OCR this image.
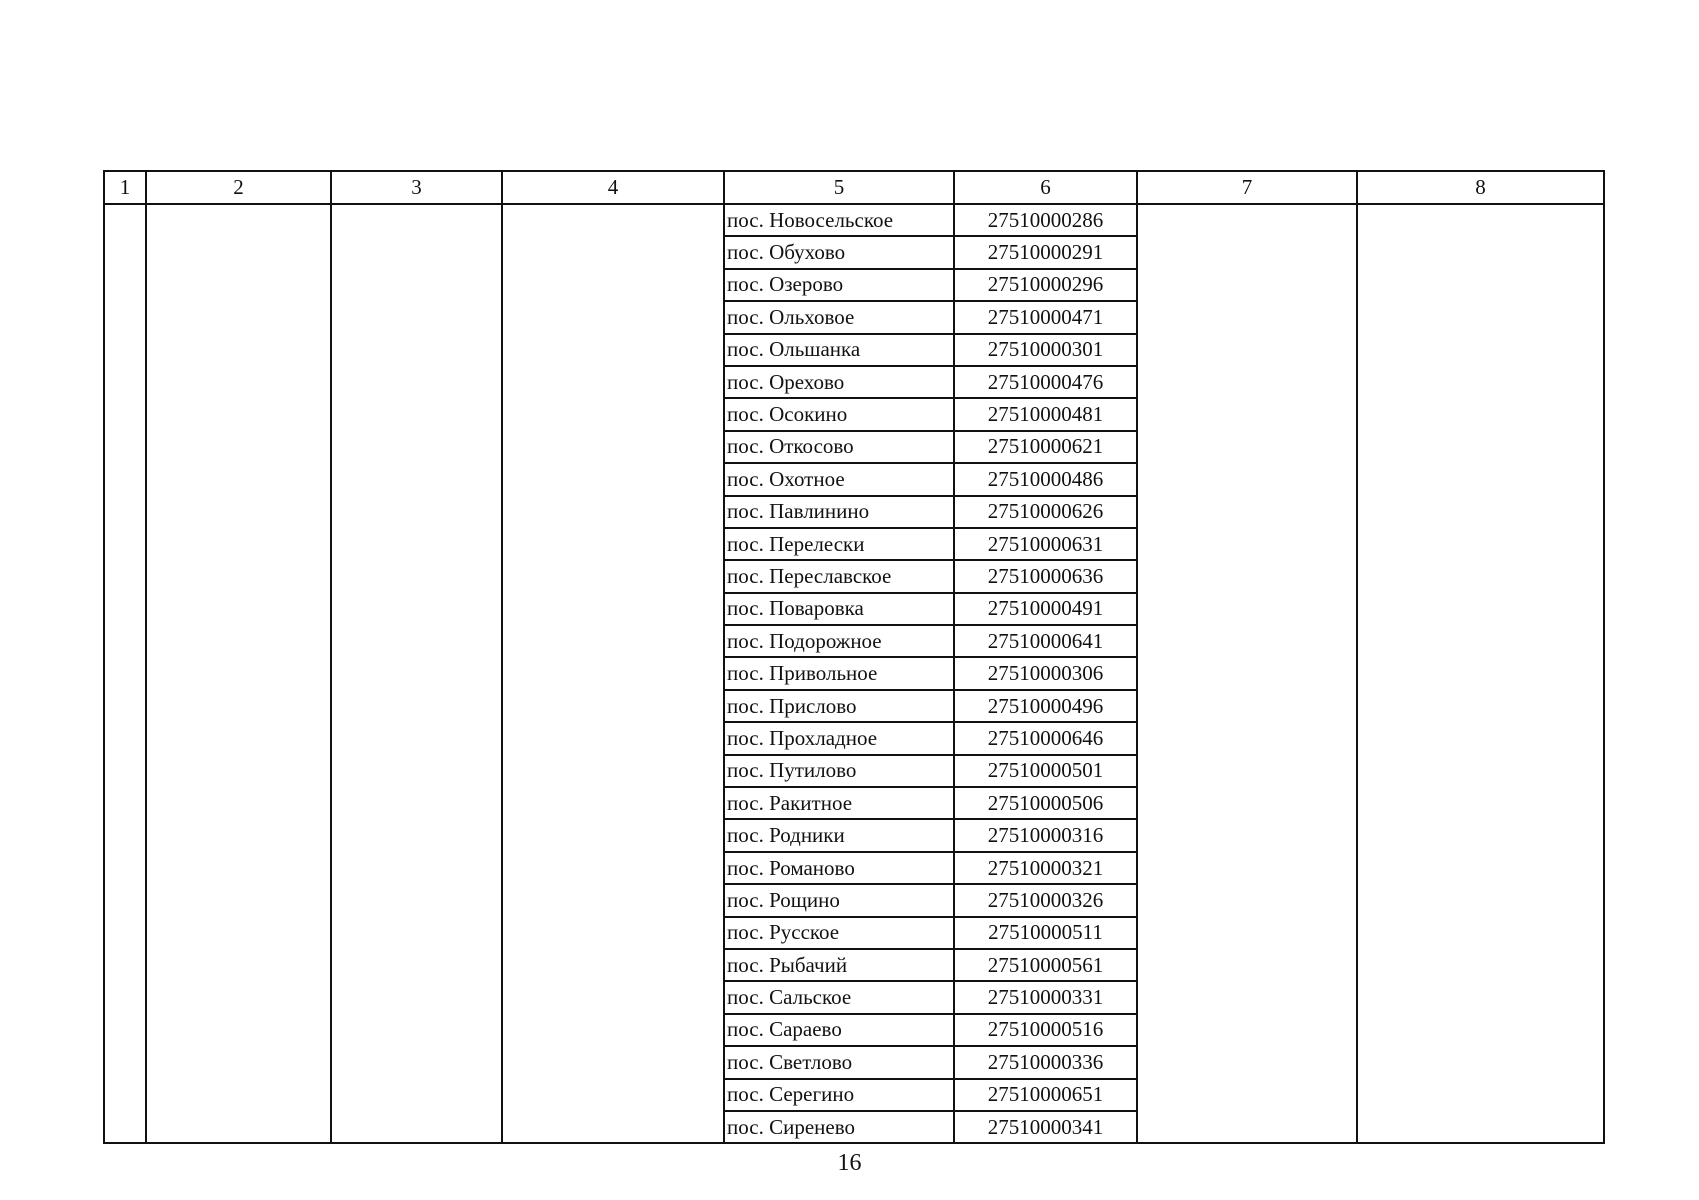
1	2	3	4	5	6	7	8
				пос. Новосельское	27510000286		
				пос. Обухово	27510000291		
				пос. Озерово	27510000296		
				пос. Ольховое	27510000471		
				пос. Ольшанка	27510000301		
				пос. Орехово	27510000476		
				пос. Осокино	27510000481		
				пос. Откосово	27510000621		
				пос. Охотное	27510000486		
				пос. Павлинино	27510000626		
				пос. Перелески	27510000631		
				пос. Переславское	27510000636		
				пос. Поваровка	27510000491		
				пос. Подорожное	27510000641		
				пос. Привольное	27510000306		
				пос. Прислово	27510000496		
				пос. Прохладное	27510000646		
				пос. Путилово	27510000501		
				пос. Ракитное	27510000506		
				пос. Родники	27510000316		
				пос. Романово	27510000321		
				пос. Рощино	27510000326		
				пос. Русское	27510000511		
				пос. Рыбачий	27510000561		
				пос. Сальское	27510000331		
				пос. Сараево	27510000516		
				пос. Светлово	27510000336		
				пос. Серегино	27510000651		
				пос. Сиренево	27510000341		
16
